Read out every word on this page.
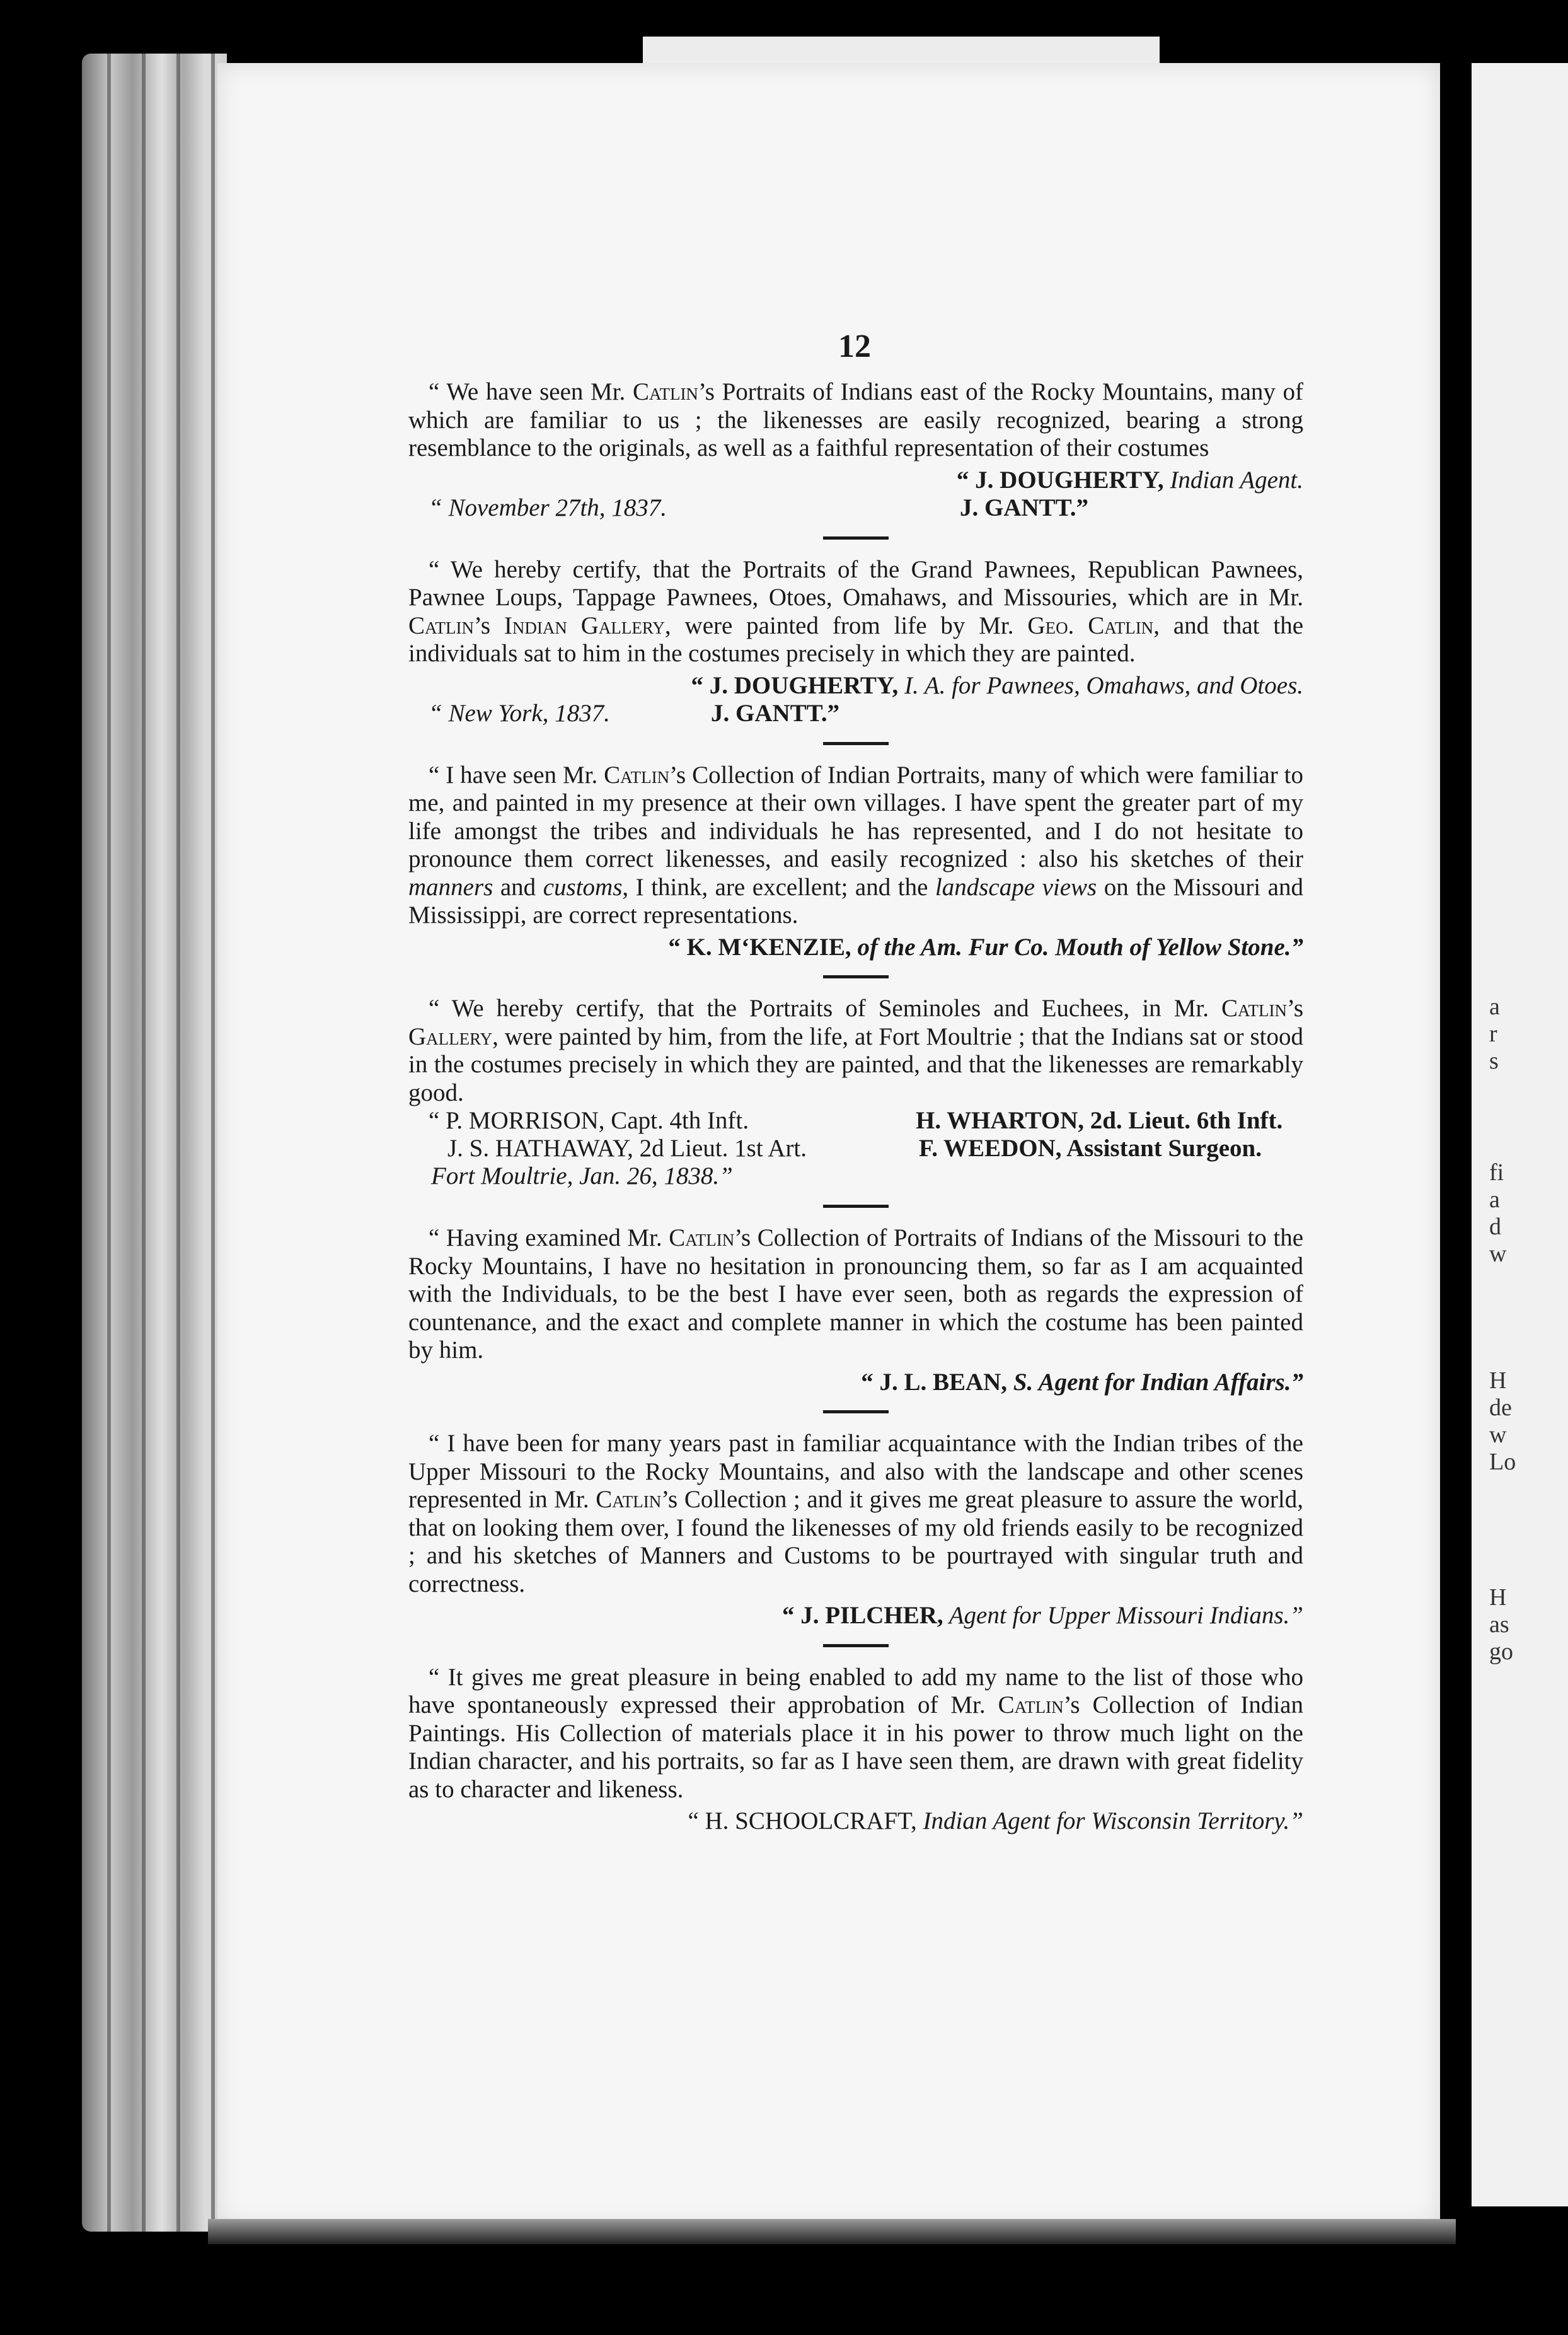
a
r
s
fi
a
d
w
H
de
w
Lo
H
as
go
12

“ We have seen Mr. Catlin’s Portraits of Indians east of the Rocky Mountains, many of which are familiar to us ; the likenesses are easily recognized, bearing a strong resemblance to the originals, as well as a faithful representation of their costumes

“ J. DOUGHERTY, Indian Agent.

“ November 27th, 1837.	J. GANTT.”

“ We hereby certify, that the Portraits of the Grand Pawnees, Republican Pawnees, Pawnee Loups, Tappage Pawnees, Otoes, Omahaws, and Missouries, which are in Mr. Catlin’s Indian Gallery, were painted from life by Mr. Geo. Catlin, and that the individuals sat to him in the costumes precisely in which they are painted.

“ J. DOUGHERTY, I. A. for Pawnees, Omahaws, and Otoes.

“ New York, 1837.	J. GANTT.”

“ I have seen Mr. Catlin’s Collection of Indian Portraits, many of which were familiar to me, and painted in my presence at their own villages. I have spent the greater part of my life amongst the tribes and individuals he has represented, and I do not hesitate to pronounce them correct likenesses, and easily recognized : also his sketches of their manners and customs, I think, are excellent; and the landscape views on the Missouri and Mississippi, are correct representations.

“ K. M‘KENZIE, of the Am. Fur Co. Mouth of Yellow Stone.”

“ We hereby certify, that the Portraits of Seminoles and Euchees, in Mr. Catlin’s Gallery, were painted by him, from the life, at Fort Moultrie ; that the Indians sat or stood in the costumes precisely in which they are painted, and that the likenesses are remarkably good.

“ P. MORRISON, Capt. 4th Inft.	H. WHARTON, 2d. Lieut. 6th Inft.
J. S. HATHAWAY, 2d Lieut. 1st Art.	F. WEEDON, Assistant Surgeon.
Fort Moultrie, Jan. 26, 1838.”

“ Having examined Mr. Catlin’s Collection of Portraits of Indians of the Missouri to the Rocky Mountains, I have no hesitation in pronouncing them, so far as I am acquainted with the Individuals, to be the best I have ever seen, both as regards the expression of countenance, and the exact and complete manner in which the costume has been painted by him.

“ J. L. BEAN, S. Agent for Indian Affairs.”

“ I have been for many years past in familiar acquaintance with the Indian tribes of the Upper Missouri to the Rocky Mountains, and also with the landscape and other scenes represented in Mr. Catlin’s Collection ; and it gives me great pleasure to assure the world, that on looking them over, I found the likenesses of my old friends easily to be recognized ; and his sketches of Manners and Customs to be pourtrayed with singular truth and correctness.

“ J. PILCHER, Agent for Upper Missouri Indians.”

“ It gives me great pleasure in being enabled to add my name to the list of those who have spontaneously expressed their approbation of Mr. Catlin’s Collection of Indian Paintings. His Collection of materials place it in his power to throw much light on the Indian character, and his portraits, so far as I have seen them, are drawn with great fidelity as to character and likeness.

“ H. SCHOOLCRAFT, Indian Agent for Wisconsin Territory.”
